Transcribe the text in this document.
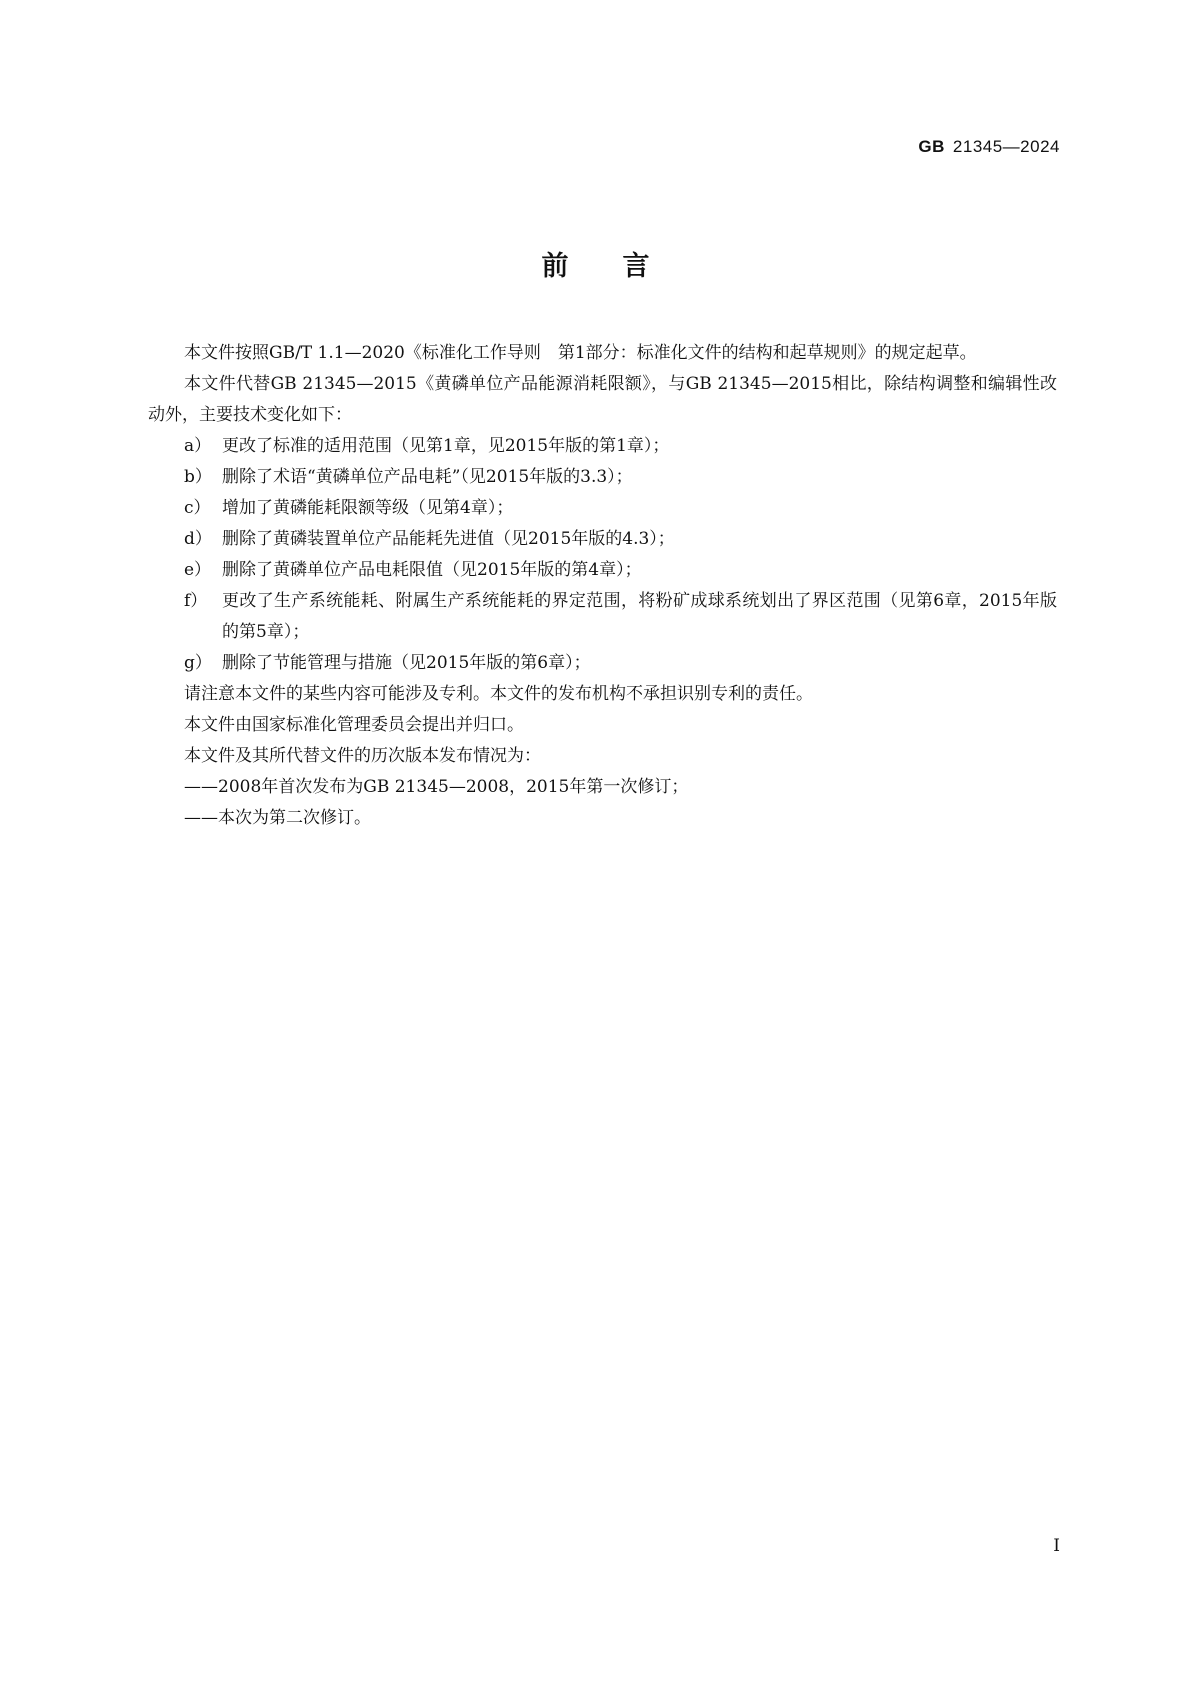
GB 21345—2024
前言

本文件按照GB/T 1.1—2020《标准化工作导则　第1部分：标准化文件的结构和起草规则》的规定起草。

本文件代替GB 21345—2015《黄磷单位产品能源消耗限额》，与GB 21345—2015相比，除结构调整和编辑性改动外，主要技术变化如下：

a） 更改了标准的适用范围（见第1章，见2015年版的第1章）；
b） 删除了术语“黄磷单位产品电耗”（见2015年版的3.3）；
c） 增加了黄磷能耗限额等级（见第4章）；
d） 删除了黄磷装置单位产品能耗先进值（见2015年版的4.3）；
e） 删除了黄磷单位产品电耗限值（见2015年版的第4章）；
f） 更改了生产系统能耗、附属生产系统能耗的界定范围，将粉矿成球系统划出了界区范围（见第6章，2015年版的第5章）；
g） 删除了节能管理与措施（见2015年版的第6章）；

请注意本文件的某些内容可能涉及专利。本文件的发布机构不承担识别专利的责任。

本文件由国家标准化管理委员会提出并归口。

本文件及其所代替文件的历次版本发布情况为：

——2008年首次发布为GB 21345—2008，2015年第一次修订；

——本次为第二次修订。

I
